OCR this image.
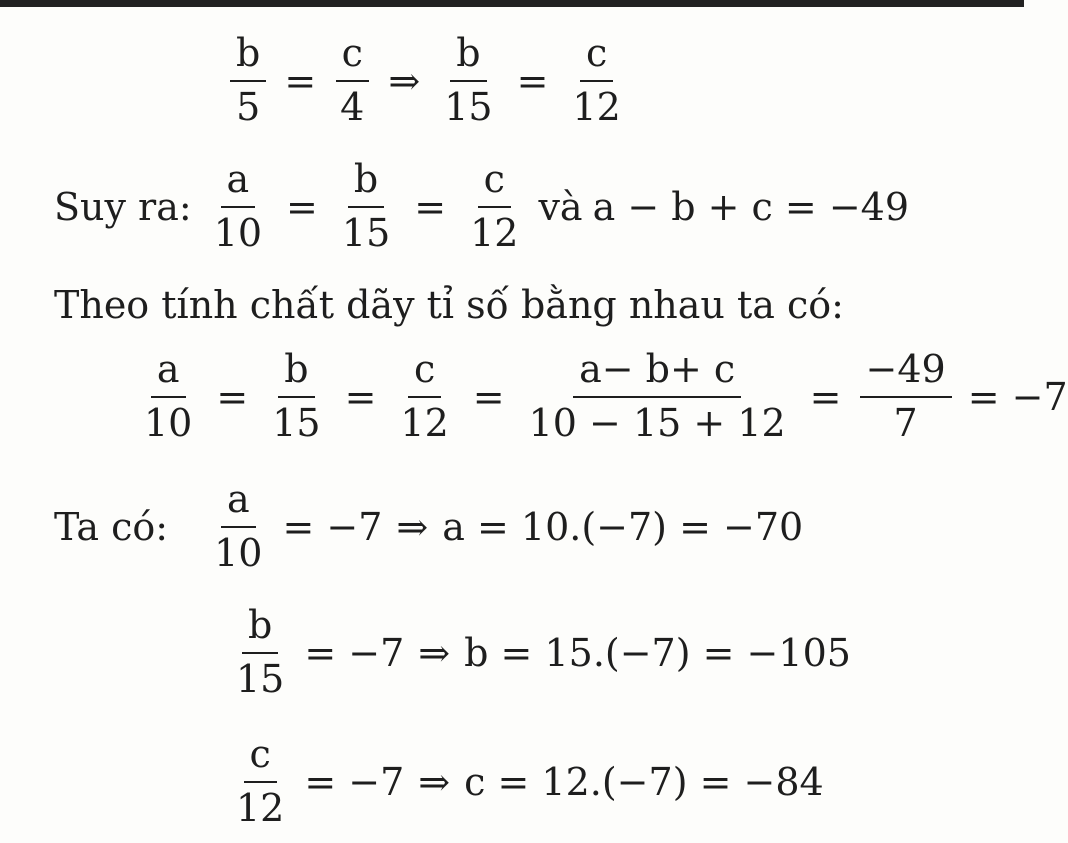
$\frac{b}{5} = \frac{c}{4}$ ⇒ $\frac{b}{15} = \frac{c}{12}$
Suy ra: $\frac{a}{10} = \frac{b}{15} = \frac{c}{12}$ và a − b + c = −49
Theo tính chất dãy tỉ số bằng nhau ta có:
$\frac{a}{10} = \frac{b}{15} = \frac{c}{12} = \frac{a- b+ c}{10 - 15 + 12} = \frac{-49}{7} = -7$
Ta có: $\frac{a}{10} = -7$ ⇒ a = 10.(−7) = −70
$\frac{b}{15} = -7$ ⇒ b = 15.(−7) = −105
$\frac{c}{12} = -7$ ⇒ c = 12.(−7) = −84
